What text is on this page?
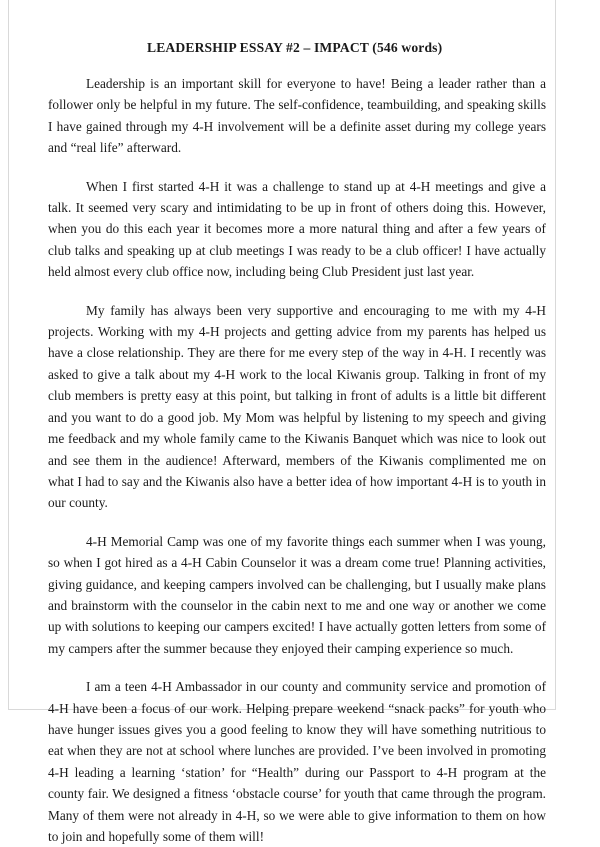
LEADERSHIP ESSAY #2 – IMPACT (546 words)

Leadership is an important skill for everyone to have! Being a leader rather than a follower only be helpful in my future. The self-confidence, teambuilding, and speaking skills I have gained through my 4-H involvement will be a definite asset during my college years and “real life” afterward.

When I first started 4-H it was a challenge to stand up at 4-H meetings and give a talk. It seemed very scary and intimidating to be up in front of others doing this. However, when you do this each year it becomes more a more natural thing and after a few years of club talks and speaking up at club meetings I was ready to be a club officer! I have actually held almost every club office now, including being Club President just last year.

My family has always been very supportive and encouraging to me with my 4-H projects. Working with my 4-H projects and getting advice from my parents has helped us have a close relationship. They are there for me every step of the way in 4-H. I recently was asked to give a talk about my 4-H work to the local Kiwanis group. Talking in front of my club members is pretty easy at this point, but talking in front of adults is a little bit different and you want to do a good job. My Mom was helpful by listening to my speech and giving me feedback and my whole family came to the Kiwanis Banquet which was nice to look out and see them in the audience! Afterward, members of the Kiwanis complimented me on what I had to say and the Kiwanis also have a better idea of how important 4-H is to youth in our county.

4-H Memorial Camp was one of my favorite things each summer when I was young, so when I got hired as a 4-H Cabin Counselor it was a dream come true! Planning activities, giving guidance, and keeping campers involved can be challenging, but I usually make plans and brainstorm with the counselor in the cabin next to me and one way or another we come up with solutions to keeping our campers excited! I have actually gotten letters from some of my campers after the summer because they enjoyed their camping experience so much.

I am a teen 4-H Ambassador in our county and community service and promotion of 4-H have been a focus of our work. Helping prepare weekend “snack packs” for youth who have hunger issues gives you a good feeling to know they will have something nutritious to eat when they are not at school where lunches are provided. I’ve been involved in promoting 4-H leading a learning ‘station’ for “Health” during our Passport to 4-H program at the county fair. We designed a fitness ‘obstacle course’ for youth that came through the program. Many of them were not already in 4-H, so we were able to give information to them on how to join and hopefully some of them will!
